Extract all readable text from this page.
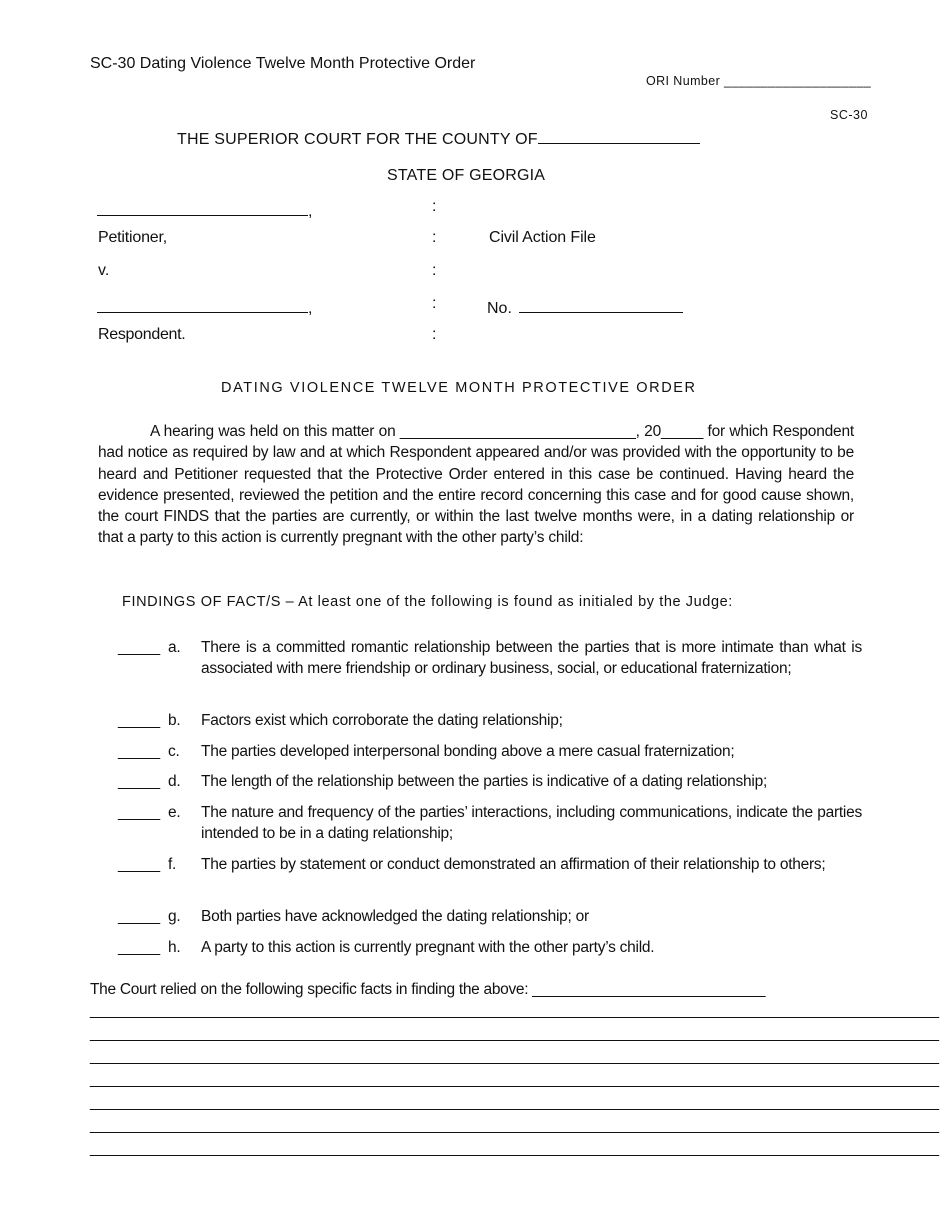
SC-30 Dating Violence Twelve Month Protective Order
ORI Number ____________________
SC-30
THE SUPERIOR COURT FOR THE COUNTY OF
STATE OF GEORGIA
,	:
Petitioner,	:	Civil Action File
v.	:
,	:	No.
Respondent.	:
DATING VIOLENCE TWELVE MONTH PROTECTIVE ORDER
A hearing was held on this matter on ____________________________, 20_____ for which Respondent had notice as required by law and at which Respondent appeared and/or was provided with the opportunity to be heard and Petitioner requested that the Protective Order entered in this case be continued. Having heard the evidence presented, reviewed the petition and the entire record concerning this case and for good cause shown, the court FINDS that the parties are currently, or within the last twelve months were, in a dating relationship or that a party to this action is currently pregnant with the other party’s child:
FINDINGS OF FACT/S – At least one of the following is found as initialed by the Judge:
_____ a. There is a committed romantic relationship between the parties that is more intimate than what is associated with mere friendship or ordinary business, social, or educational fraternization;
_____ b. Factors exist which corroborate the dating relationship;
_____ c. The parties developed interpersonal bonding above a mere casual fraternization;
_____ d. The length of the relationship between the parties is indicative of a dating relationship;
_____ e. The nature and frequency of the parties’ interactions, including communications, indicate the parties intended to be in a dating relationship;
_____ f. The parties by statement or conduct demonstrated an affirmation of their relationship to others;
_____ g. Both parties have acknowledged the dating relationship; or
_____ h. A party to this action is currently pregnant with the other party’s child.
The Court relied on the following specific facts in finding the above: ____________________________
______________________________________________________________________________________________________
______________________________________________________________________________________________________
______________________________________________________________________________________________________
______________________________________________________________________________________________________
______________________________________________________________________________________________________
______________________________________________________________________________________________________
______________________________________________________________________________________________________
